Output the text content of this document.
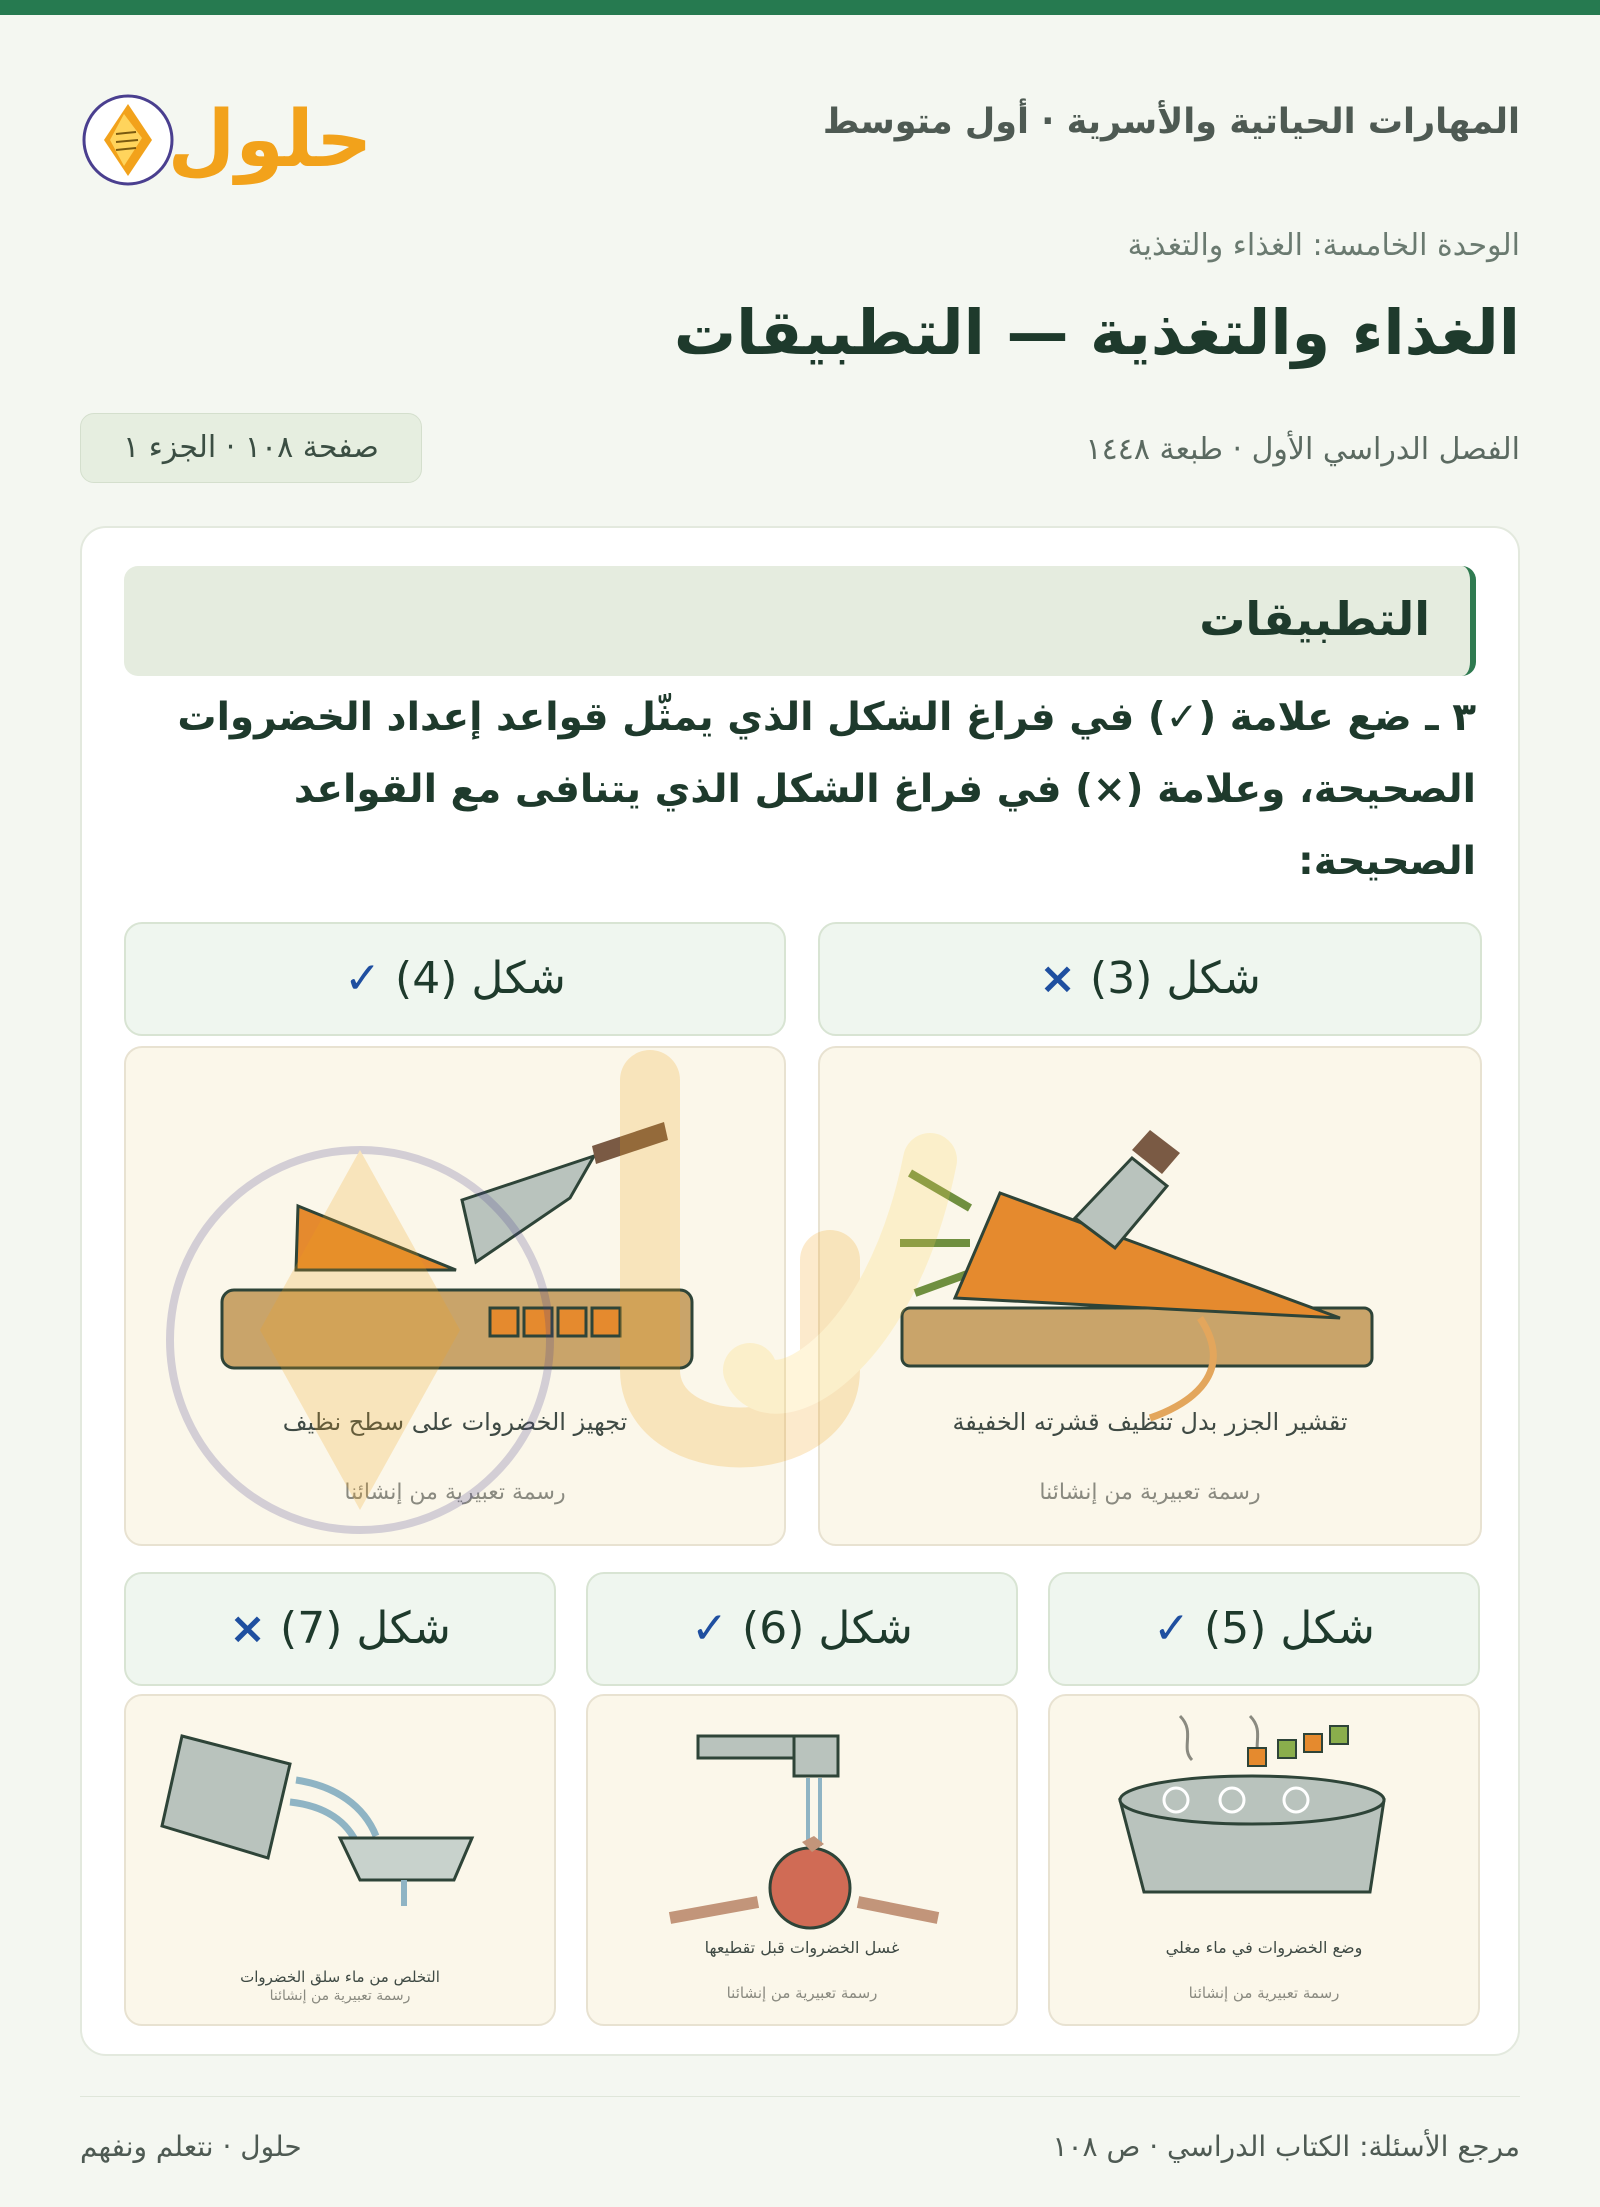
المهارات الحياتية والأسرية · أول متوسط
حلول
الوحدة الخامسة: الغذاء والتغذية
الغذاء والتغذية — التطبيقات
الفصل الدراسي الأول · طبعة ١٤٤٨
صفحة ١٠٨ · الجزء ١
التطبيقات
٣ ـ ضع علامة (✓) في فراغ الشكل الذي يمثّل قواعد إعداد الخضروات الصحيحة، وعلامة (×) في فراغ الشكل الذي يتنافى مع القواعد الصحيحة:
شكل (3) ×
تقشير الجزر بدل تنظيف قشرته الخفيفة
رسمة تعبيرية من إنشائنا
شكل (4) ✓
تجهيز الخضروات على سطح نظيف
رسمة تعبيرية من إنشائنا
شكل (5) ✓
وضع الخضروات في ماء مغلي
رسمة تعبيرية من إنشائنا
شكل (6) ✓
غسل الخضروات قبل تقطيعها
رسمة تعبيرية من إنشائنا
شكل (7) ×
التخلص من ماء سلق الخضروات
رسمة تعبيرية من إنشائنا
مرجع الأسئلة: الكتاب الدراسي · ص ١٠٨
حلول · نتعلم ونفهم
